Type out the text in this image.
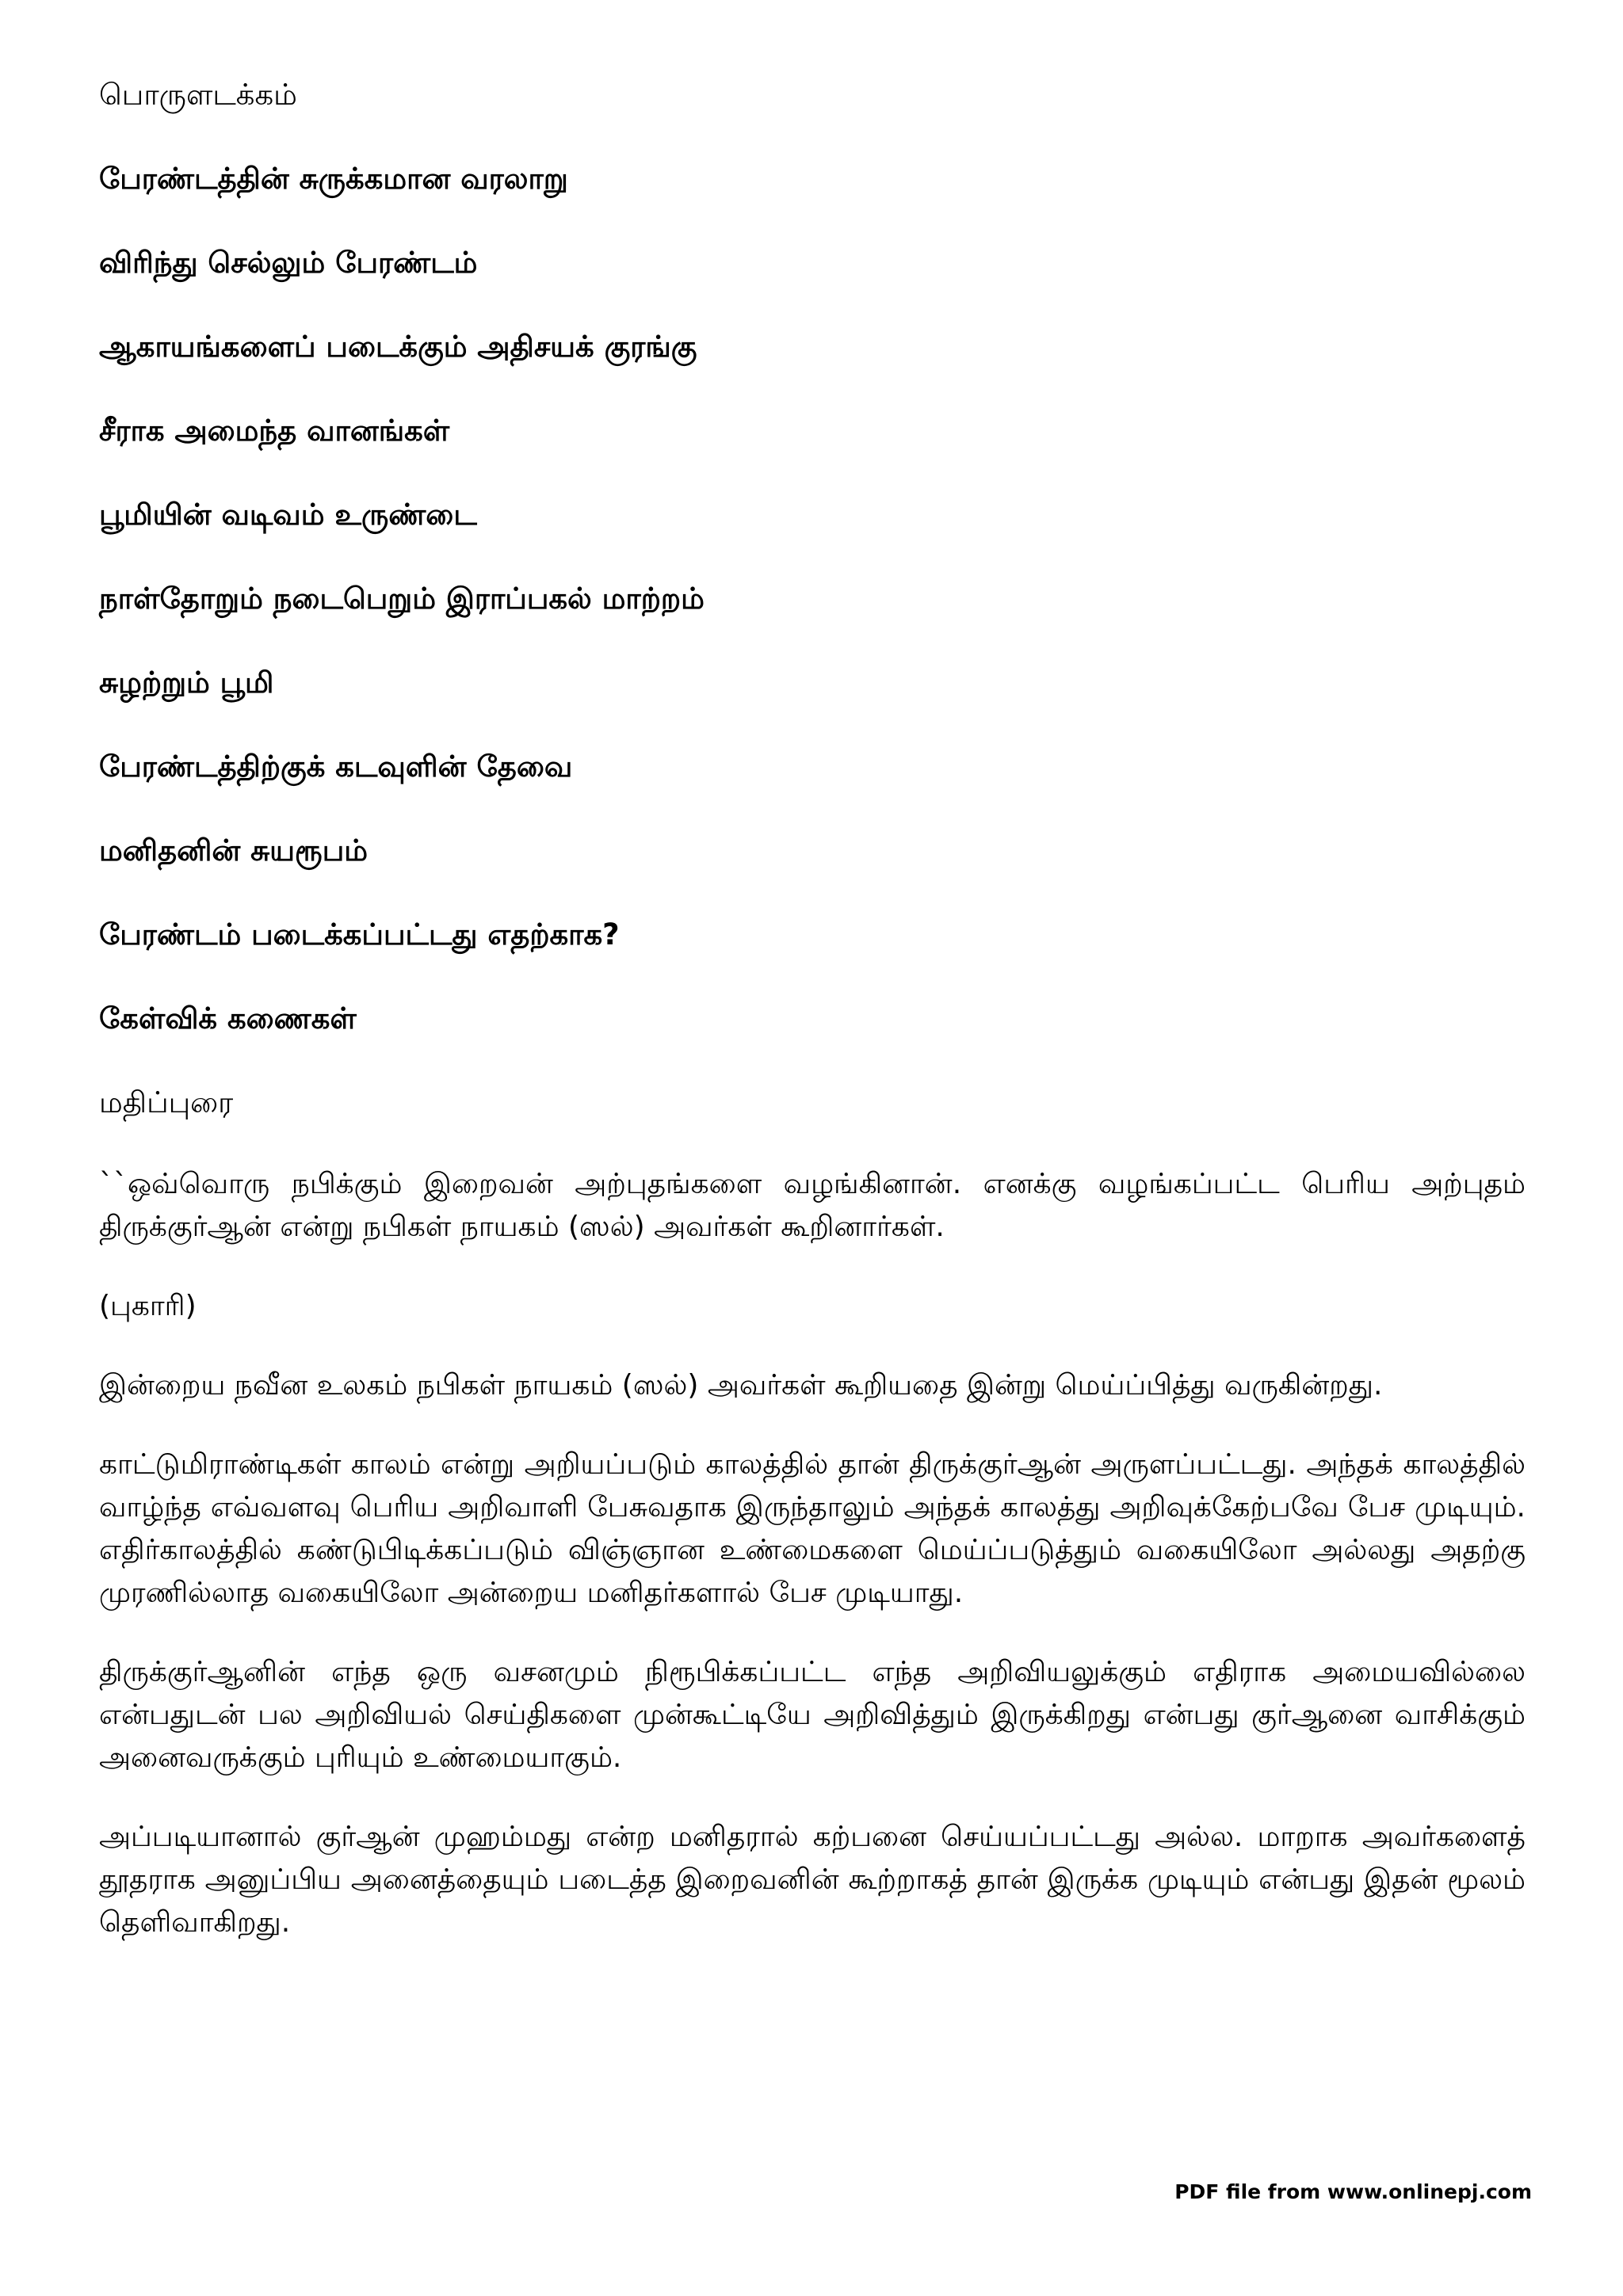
பொருளடக்கம்
பேரண்டத்தின் சுருக்கமான வரலாறு
விரிந்து செல்லும் பேரண்டம்
ஆகாயங்களைப் படைக்கும் அதிசயக் குரங்கு
சீராக அமைந்த வானங்கள்
பூமியின் வடிவம் உருண்டை
நாள்தோறும் நடைபெறும் இராப்பகல் மாற்றம்
சுழற்றும் பூமி
பேரண்டத்திற்குக் கடவுளின் தேவை
மனிதனின் சுயரூபம்
பேரண்டம் படைக்கப்பட்டது எதற்காக?
கேள்விக் கணைகள்
மதிப்புரை

``ஒவ்வொரு நபிக்கும் இறைவன் அற்புதங்களை வழங்கினான். எனக்கு வழங்கப்பட்ட பெரிய அற்புதம் திருக்குர்ஆன் என்று நபிகள் நாயகம் (ஸல்) அவர்கள் கூறினார்கள்.

(புகாரி)

இன்றைய நவீன உலகம் நபிகள் நாயகம் (ஸல்) அவர்கள் கூறியதை இன்று மெய்ப்பித்து வருகின்றது.

காட்டுமிராண்டிகள் காலம் என்று அறியப்படும் காலத்தில் தான் திருக்குர்ஆன் அருளப்பட்டது. அந்தக் காலத்தில் வாழ்ந்த எவ்வளவு பெரிய அறிவாளி பேசுவதாக இருந்தாலும் அந்தக் காலத்து அறிவுக்கேற்பவே பேச முடியும். எதிர்காலத்தில் கண்டுபிடிக்கப்படும் விஞ்ஞான உண்மைகளை மெய்ப்படுத்தும் வகையிலோ அல்லது அதற்கு முரணில்லாத வகையிலோ அன்றைய மனிதர்களால் பேச முடியாது.

திருக்குர்ஆனின் எந்த ஒரு வசனமும் நிரூபிக்கப்பட்ட எந்த அறிவியலுக்கும் எதிராக அமையவில்லை என்பதுடன் பல அறிவியல் செய்திகளை முன்கூட்டியே அறிவித்தும் இருக்கிறது என்பது குர்ஆனை வாசிக்கும் அனைவருக்கும் புரியும் உண்மையாகும்.

அப்படியானால் குர்ஆன் முஹம்மது என்ற மனிதரால் கற்பனை செய்யப்பட்டது அல்ல. மாறாக அவர்களைத் தூதராக அனுப்பிய அனைத்தையும் படைத்த இறைவனின் கூற்றாகத் தான் இருக்க முடியும் என்பது இதன் மூலம் தெளிவாகிறது.

PDF file from www.onlinepj.com
